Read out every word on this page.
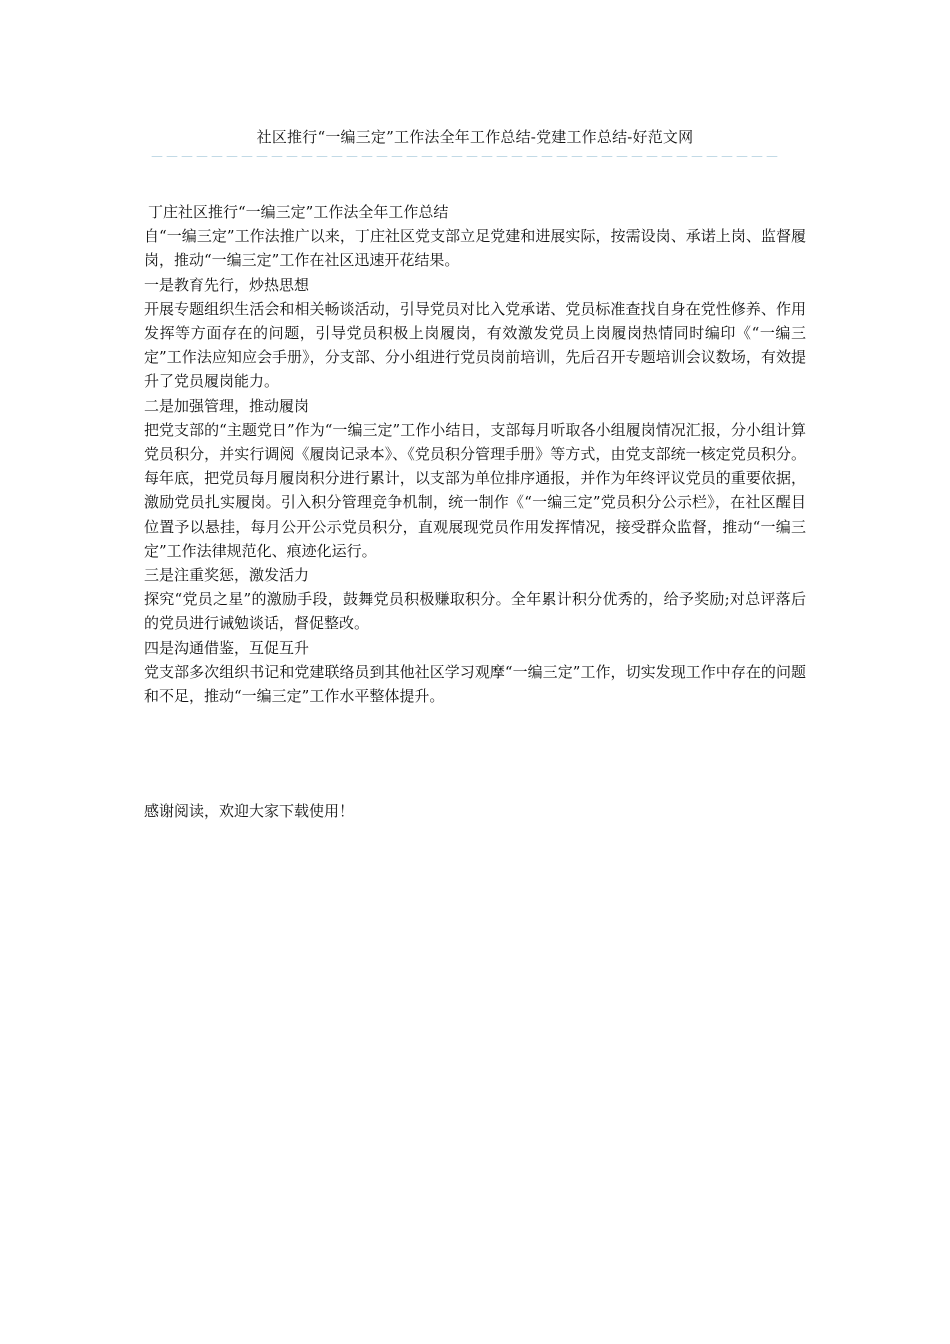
社区推行“一编三定”工作法全年工作总结-党建工作总结-好范文网
－－－－－－－－－－－－－－－－－－－－－－－－－－－－－－－－－－－－－－－－－－

丁庄社区推行“一编三定”工作法全年工作总结

自“一编三定”工作法推广以来，丁庄社区党支部立足党建和进展实际，按需设岗、承诺上岗、监督履岗，推动“一编三定”工作在社区迅速开花结果。

一是教育先行，炒热思想

开展专题组织生活会和相关畅谈活动，引导党员对比入党承诺、党员标准查找自身在党性修养、作用发挥等方面存在的问题，引导党员积极上岗履岗，有效激发党员上岗履岗热情同时编印《“一编三定”工作法应知应会手册》，分支部、分小组进行党员岗前培训，先后召开专题培训会议数场，有效提升了党员履岗能力。

二是加强管理，推动履岗

把党支部的“主题党日”作为“一编三定”工作小结日，支部每月听取各小组履岗情况汇报，分小组计算党员积分，并实行调阅《履岗记录本》、《党员积分管理手册》等方式，由党支部统一核定党员积分。每年底，把党员每月履岗积分进行累计，以支部为单位排序通报，并作为年终评议党员的重要依据，激励党员扎实履岗。引入积分管理竞争机制，统一制作《“一编三定”党员积分公示栏》，在社区醒目位置予以悬挂，每月公开公示党员积分，直观展现党员作用发挥情况，接受群众监督，推动“一编三定”工作法律规范化、痕迹化运行。

三是注重奖惩，激发活力

探究“党员之星”的激励手段，鼓舞党员积极赚取积分。全年累计积分优秀的，给予奖励;对总评落后的党员进行诫勉谈话，督促整改。

四是沟通借鉴，互促互升

党支部多次组织书记和党建联络员到其他社区学习观摩“一编三定”工作，切实发现工作中存在的问题和不足，推动“一编三定”工作水平整体提升。

感谢阅读，欢迎大家下载使用！
